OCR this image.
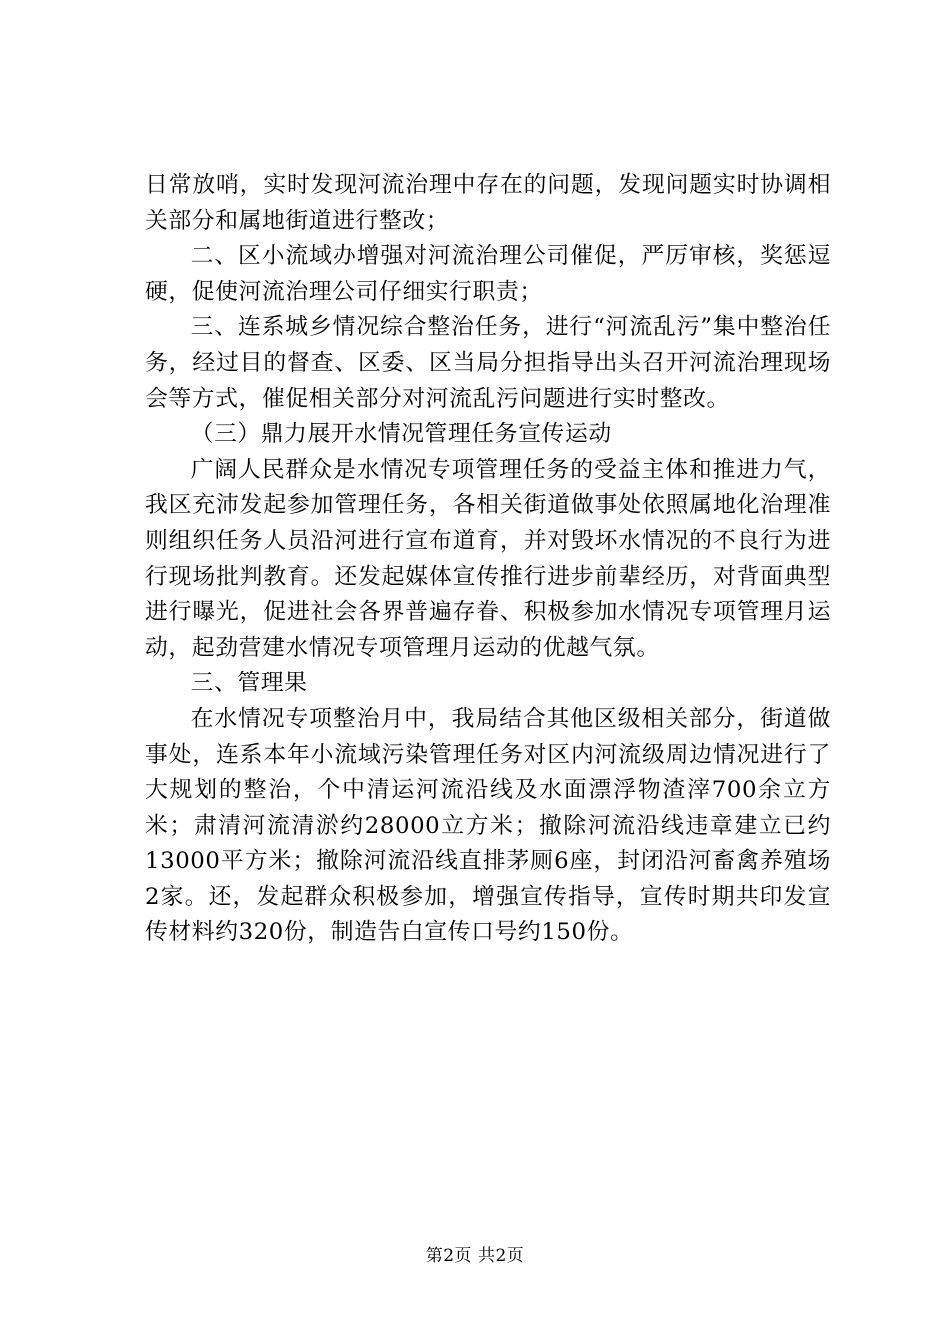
日常放哨，实时发现河流治理中存在的问题，发现问题实时协调相关部分和属地街道进行整改；

二、区小流域办增强对河流治理公司催促，严厉审核，奖惩逗硬，促使河流治理公司仔细实行职责；

三、连系城乡情况综合整治任务，进行“河流乱污”集中整治任务，经过目的督查、区委、区当局分担指导出头召开河流治理现场会等方式，催促相关部分对河流乱污问题进行实时整改。

（三）鼎力展开水情况管理任务宣传运动

广阔人民群众是水情况专项管理任务的受益主体和推进力气，我区充沛发起参加管理任务，各相关街道做事处依照属地化治理准则组织任务人员沿河进行宣布道育，并对毁坏水情况的不良行为进行现场批判教育。还发起媒体宣传推行进步前辈经历，对背面典型进行曝光，促进社会各界普遍存眷、积极参加水情况专项管理月运动，起劲营建水情况专项管理月运动的优越气氛。

三、管理果

在水情况专项整治月中，我局结合其他区级相关部分，街道做事处，连系本年小流域污染管理任务对区内河流级周边情况进行了大规划的整治，个中清运河流沿线及水面漂浮物渣滓700余立方米；肃清河流清淤约28000立方米；撤除河流沿线违章建立已约13000平方米；撤除河流沿线直排茅厕6座，封闭沿河畜禽养殖场2家。还，发起群众积极参加，增强宣传指导，宣传时期共印发宣传材料约320份，制造告白宣传口号约150份。

第2页 共2页
